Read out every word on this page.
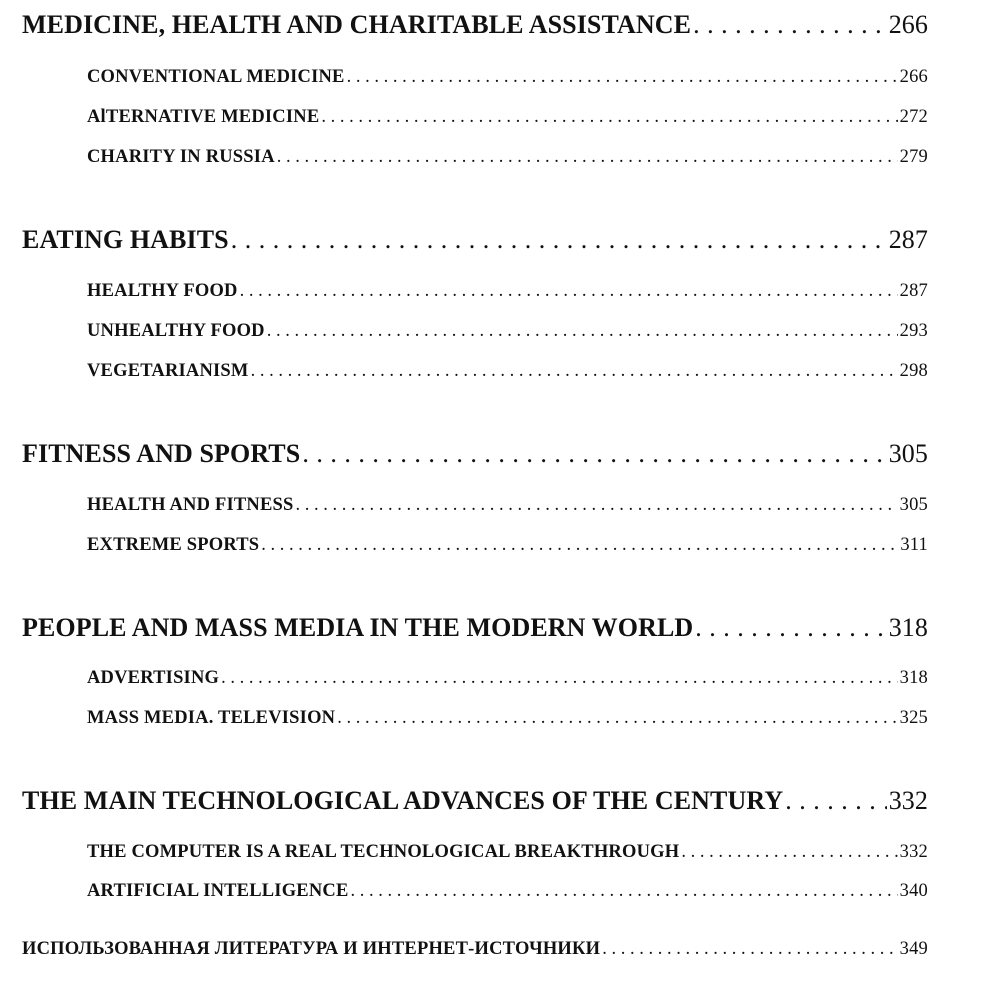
MEDICINE, HEALTH AND CHARITABLE ASSISTANCE . . .	266
CONVENTIONAL MEDICINE . . .	266
AlTERNATIVE MEDICINE . . .	272
CHARITY IN RUSSIA . . .	279
EATING HABITS . . .	287
HEALTHY FOOD . . .	287
UNHEALTHY FOOD . . .	293
VEGETARIANISM . . .	298
FITNESS AND SPORTS . . .	305
HEALTH AND FITNESS . . .	305
EXTREME SPORTS . . .	311
PEOPLE AND MASS MEDIA IN THE MODERN WORLD . . .	318
ADVERTISING . . .	318
MASS MEDIA. TELEVISION . . .	325
THE MAIN TECHNOLOGICAL ADVANCES OF THE CENTURY . . .	332
THE COMPUTER IS A REAL TECHNOLOGICAL BREAKTHROUGH . . .	332
ARTIFICIAL INTELLIGENCE . . .	340
ИСПОЛЬЗОВАННАЯ ЛИТЕРАТУРА И ИНТЕРНЕТ-ИСТОЧНИКИ . . .	349
